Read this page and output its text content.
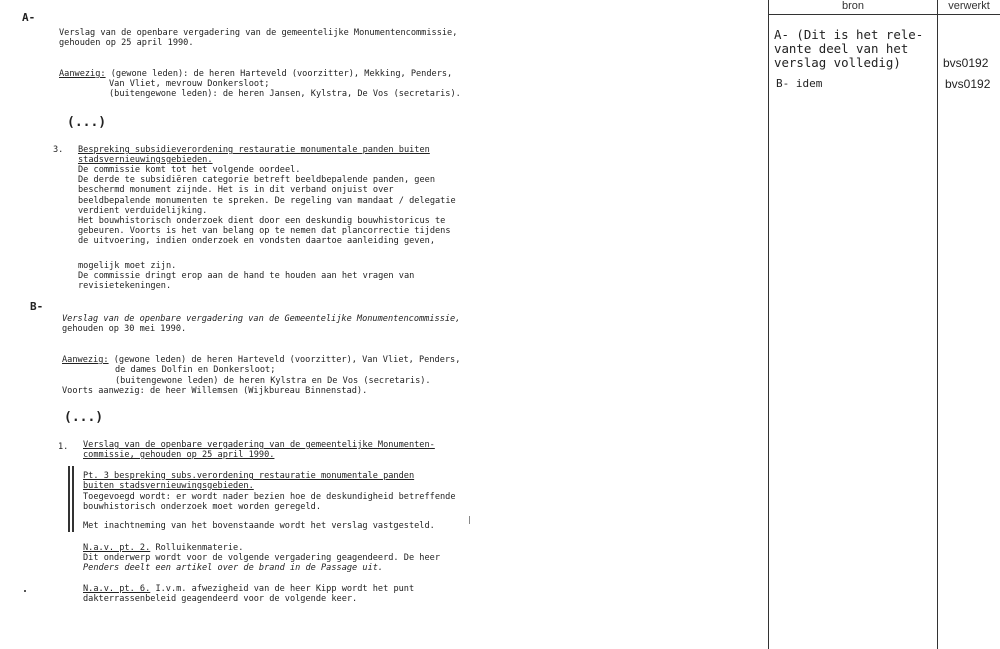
A-
Verslag van de openbare vergadering van de gemeentelijke Monumentencommissie,
gehouden op 25 april 1990.
Aanwezig: (gewone leden): de heren Harteveld (voorzitter), Mekking, Penders,
Van Vliet, mevrouw Donkersloot;
(buitengewone leden): de heren Jansen, Kylstra, De Vos (secretaris).
(...)
3. Bespreking subsidieverordening restauratie monumentale panden buiten
stadsvernieuwingsgebieden.
De commissie komt tot het volgende oordeel.
De derde te subsidiëren categorie betreft beeldbepalende panden, geen
beschermd monument zijnde. Het is in dit verband onjuist over
beeldbepalende monumenten te spreken. De regeling van mandaat / delegatie
verdient verduidelijking.
Het bouwhistorisch onderzoek dient door een deskundig bouwhistoricus te
gebeuren. Voorts is het van belang op te nemen dat plancorrectie tijdens
de uitvoering, indien onderzoek en vondsten daartoe aanleiding geven,
mogelijk moet zijn.
De commissie dringt erop aan de hand te houden aan het vragen van
revisietekeningen.
B-
Verslag van de openbare vergadering van de Gemeentelijke Monumentencommissie,
gehouden op 30 mei 1990.
Aanwezig: (gewone leden) de heren Harteveld (voorzitter), Van Vliet, Penders,
de dames Dolfin en Donkersloot;
(buitengewone leden) de heren Kylstra en De Vos (secretaris).
Voorts aanwezig: de heer Willemsen (Wijkbureau Binnenstad).
(...)
1. Verslag van de openbare vergadering van de gemeentelijke Monumenten-
commissie, gehouden op 25 april 1990.
Pt. 3 bespreking subs.verordening restauratie monumentale panden
buiten stadsvernieuwingsgebieden.
Toegevoegd wordt: er wordt nader bezien hoe de deskundigheid betreffende
bouwhistorisch onderzoek moet worden geregeld.
Met inachtneming van het bovenstaande wordt het verslag vastgesteld.
N.a.v. pt. 2. Rolluikenmaterie.
Dit onderwerp wordt voor de volgende vergadering geagendeerd. De heer
Penders deelt een artikel over de brand in de Passage uit.
N.a.v. pt. 6. I.v.m. afwezigheid van de heer Kipp wordt het punt
dakterrassenbeleid geagendeerd voor de volgende keer.
bron	verwerkt
A- (Dit is het rele-
vante deel van het
verslag volledig)	bvs0192
B- idem	bvs0192
